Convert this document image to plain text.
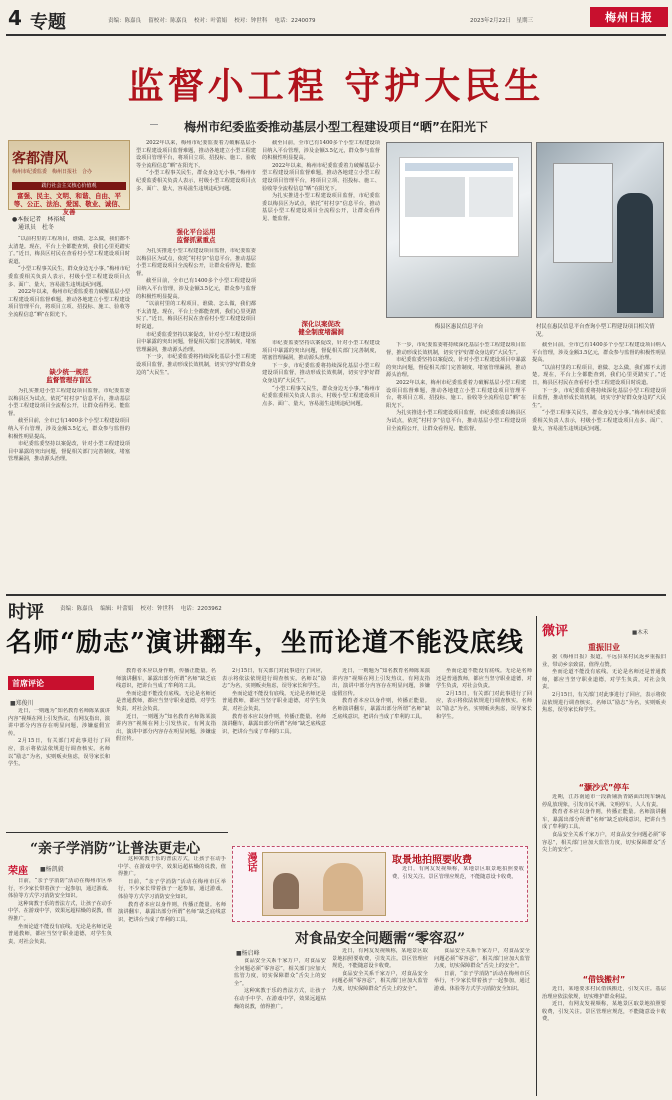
4 专题	责编：陈嘉良　 留校对：陈嘉良　 校对：叶蕾娟　 校对：钟世科　 电话：2240079	2023年2月22日　星期三	梅州日报
监督小工程 守护大民生
梅州市纪委监委推动基层小型工程建设项目“晒”在阳光下
客都清风
梅州市纪委监委　梅州日报社　合办
践行社会主义核心价值观
富强、民主、文明、和谐、自由、平等、公正、法治、爱国、敬业、诚信、友善
●本报记者　林裕城
　通讯员　杜冬

“以前村里的工程项目，谁做、怎么做，我们都不太清楚。现在，平台上全都能查到，我们心里更踏实了。”近日，梅县区村民在查看村小型工程建设项目时说道。

“小型工程事关民生，群众身边无小事。”梅州市纪委监委相关负责人表示，村级小型工程建设项目点多、面广、量大，容易滋生违规违纪问题。

2022年以来，梅州市纪委监委着力破解基层小型工程建设项目监督难题，推动各地建立小型工程建设项目管理平台，将项目立项、招投标、施工、验收等全流程信息“晒”在阳光下。

缺少统一规范
监督管理存盲区

为扎实推进小型工程建设项目监督，市纪委监委以梅县区为试点，依托“村村享”信息平台，推动基层小型工程建设项目全流程公开，让群众看得见、能监督。

截至目前，全市已有1400多个小型工程建设项目纳入平台管理，涉及金额3.5亿元，群众参与监督的积极性明显提高。

市纪委监委坚持以案促改，针对小型工程建设项目中暴露的突出问题，督促相关部门完善制度，堵塞管理漏洞，推动源头治理。

2022年以来，梅州市纪委监委着力破解基层小型工程建设项目监督难题，推动各地建立小型工程建设项目管理平台，将项目立项、招投标、施工、验收等全流程信息“晒”在阳光下。

“小型工程事关民生，群众身边无小事。”梅州市纪委监委相关负责人表示，村级小型工程建设项目点多、面广、量大，容易滋生违规违纪问题。

强化平台运用
监督抓紧重点

为扎实推进小型工程建设项目监督，市纪委监委以梅县区为试点，依托“村村享”信息平台，推动基层小型工程建设项目全流程公开，让群众看得见、能监督。

截至目前，全市已有1400多个小型工程建设项目纳入平台管理，涉及金额3.5亿元，群众参与监督的积极性明显提高。

“以前村里的工程项目，谁做、怎么做，我们都不太清楚。现在，平台上全都能查到，我们心里更踏实了。”近日，梅县区村民在查看村小型工程建设项目时说道。

市纪委监委坚持以案促改，针对小型工程建设项目中暴露的突出问题，督促相关部门完善制度，堵塞管理漏洞，推动源头治理。

下一步，市纪委监委将持续深化基层小型工程建设项目监督，推动形成长效机制，切实守护好群众身边的“大民生”。

截至目前，全市已有1400多个小型工程建设项目纳入平台管理，涉及金额3.5亿元，群众参与监督的积极性明显提高。

2022年以来，梅州市纪委监委着力破解基层小型工程建设项目监督难题，推动各地建立小型工程建设项目管理平台，将项目立项、招投标、施工、验收等全流程信息“晒”在阳光下。

为扎实推进小型工程建设项目监督，市纪委监委以梅县区为试点，依托“村村享”信息平台，推动基层小型工程建设项目全流程公开，让群众看得见、能监督。

深化以案促改
健全制度堵漏洞

市纪委监委坚持以案促改，针对小型工程建设项目中暴露的突出问题，督促相关部门完善制度，堵塞管理漏洞，推动源头治理。

下一步，市纪委监委将持续深化基层小型工程建设项目监督，推动形成长效机制，切实守护好群众身边的“大民生”。

“小型工程事关民生，群众身边无小事。”梅州市纪委监委相关负责人表示，村级小型工程建设项目点多、面广、量大，容易滋生违规违纪问题。

梅县区惠民信息平台	村民在惠民信息平台查询小型工程建设项目相关情况。

下一步，市纪委监委将持续深化基层小型工程建设项目监督，推动形成长效机制，切实守护好群众身边的“大民生”。

市纪委监委坚持以案促改，针对小型工程建设项目中暴露的突出问题，督促相关部门完善制度，堵塞管理漏洞，推动源头治理。

2022年以来，梅州市纪委监委着力破解基层小型工程建设项目监督难题，推动各地建立小型工程建设项目管理平台，将项目立项、招投标、施工、验收等全流程信息“晒”在阳光下。

为扎实推进小型工程建设项目监督，市纪委监委以梅县区为试点，依托“村村享”信息平台，推动基层小型工程建设项目全流程公开，让群众看得见、能监督。

截至目前，全市已有1400多个小型工程建设项目纳入平台管理，涉及金额3.5亿元，群众参与监督的积极性明显提高。

“以前村里的工程项目，谁做、怎么做，我们都不太清楚。现在，平台上全都能查到，我们心里更踏实了。”近日，梅县区村民在查看村小型工程建设项目时说道。

下一步，市纪委监委将持续深化基层小型工程建设项目监督，推动形成长效机制，切实守护好群众身边的“大民生”。

“小型工程事关民生，群众身边无小事。”梅州市纪委监委相关负责人表示，村级小型工程建设项目点多、面广、量大，容易滋生违规违纪问题。

时评	责编：陈嘉良　 编辑：叶蕾娟　 校对：钟世科　 电话：2203962
名师“励志”演讲翻车，坐而论道不能没底线
首席评论
■郑俊川

近日，一则题为“知名教育名师陈某演讲内容”视频在网上引发热议。有网友指出，演讲中部分内容存在明显问题，涉嫌虚假宣传。

2月15日，有关部门对此事进行了回应，表示将依法依规进行调查核实。名师以“励志”为名，实则贩卖焦虑，误导家长和学生。

教育者本应以身作则，传播正能量。名师演讲翻车，暴露出部分所谓“名师”缺乏底线意识，把讲台当成了牟利的工具。

坐而论道不能没有底线。无论是名师还是普通教师，都应当坚守职业道德，对学生负责，对社会负责。

近日，一则题为“知名教育名师陈某演讲内容”视频在网上引发热议。有网友指出，演讲中部分内容存在明显问题，涉嫌虚假宣传。

2月15日，有关部门对此事进行了回应，表示将依法依规进行调查核实。名师以“励志”为名，实则贩卖焦虑，误导家长和学生。

坐而论道不能没有底线。无论是名师还是普通教师，都应当坚守职业道德，对学生负责，对社会负责。

教育者本应以身作则，传播正能量。名师演讲翻车，暴露出部分所谓“名师”缺乏底线意识，把讲台当成了牟利的工具。

近日，一则题为“知名教育名师陈某演讲内容”视频在网上引发热议。有网友指出，演讲中部分内容存在明显问题，涉嫌虚假宣传。

教育者本应以身作则，传播正能量。名师演讲翻车，暴露出部分所谓“名师”缺乏底线意识，把讲台当成了牟利的工具。

坐而论道不能没有底线。无论是名师还是普通教师，都应当坚守职业道德，对学生负责，对社会负责。

2月15日，有关部门对此事进行了回应，表示将依法依规进行调查核实。名师以“励志”为名，实则贩卖焦虑，误导家长和学生。

微评	■木禾
重振旧业

据《梅州日报》报道，平远县某村民返乡重振旧业，带动乡亲致富，值得点赞。

坐而论道不能没有底线。无论是名师还是普通教师，都应当坚守职业道德，对学生负责，对社会负责。

2月15日，有关部门对此事进行了回应，表示将依法依规进行调查核实。名师以“励志”为名，实则贩卖焦虑，误导家长和学生。

“灏沙式”停车

近期，江苏南通市一段新铺沥青路面出现车辆乱停乱放现象，引发市民不满。文明停车，人人有责。

教育者本应以身作则，传播正能量。名师演讲翻车，暴露出部分所谓“名师”缺乏底线意识，把讲台当成了牟利的工具。

食品安全关系千家万户，对食品安全问题必须“零容忍”，相关部门应加大监管力度，切实保障群众“舌尖上的安全”。

“借钱搬村”

近日，某地要求村民借钱搬迁，引发关注。基层治理应依法依规，切实维护群众利益。

近日，有网友发视频称，某地景区取景地拍照要收费，引发关注。景区管理应规范，不能随意设卡收费。

“亲子学消防”让普法更走心
荣座 ■杨凯毅

日前，“亲子学消防”活动在梅州市区举行，不少家长带着孩子一起参加，通过游戏、体验等方式学习消防安全知识。

这种寓教于乐的普法方式，让孩子在动手中学、在游戏中学，效果远超枯燥的说教，值得推广。

坐而论道不能没有底线。无论是名师还是普通教师，都应当坚守职业道德，对学生负责，对社会负责。

这种寓教于乐的普法方式，让孩子在动手中学、在游戏中学，效果远超枯燥的说教，值得推广。

日前，“亲子学消防”活动在梅州市区举行，不少家长带着孩子一起参加，通过游戏、体验等方式学习消防安全知识。

教育者本应以身作则，传播正能量。名师演讲翻车，暴露出部分所谓“名师”缺乏底线意识，把讲台当成了牟利的工具。

漫话	取景地拍照要收费

近日，有网友发视频称，某地景区取景地拍照要收费，引发关注。景区管理应规范，不能随意设卡收费。

对食品安全问题需“零容忍”
■杨启峰

食品安全关系千家万户，对食品安全问题必须“零容忍”，相关部门应加大监管力度，切实保障群众“舌尖上的安全”。

这种寓教于乐的普法方式，让孩子在动手中学、在游戏中学，效果远超枯燥的说教，值得推广。

近日，有网友发视频称，某地景区取景地拍照要收费，引发关注。景区管理应规范，不能随意设卡收费。

食品安全关系千家万户，对食品安全问题必须“零容忍”，相关部门应加大监管力度，切实保障群众“舌尖上的安全”。

食品安全关系千家万户，对食品安全问题必须“零容忍”，相关部门应加大监管力度，切实保障群众“舌尖上的安全”。

日前，“亲子学消防”活动在梅州市区举行，不少家长带着孩子一起参加，通过游戏、体验等方式学习消防安全知识。
